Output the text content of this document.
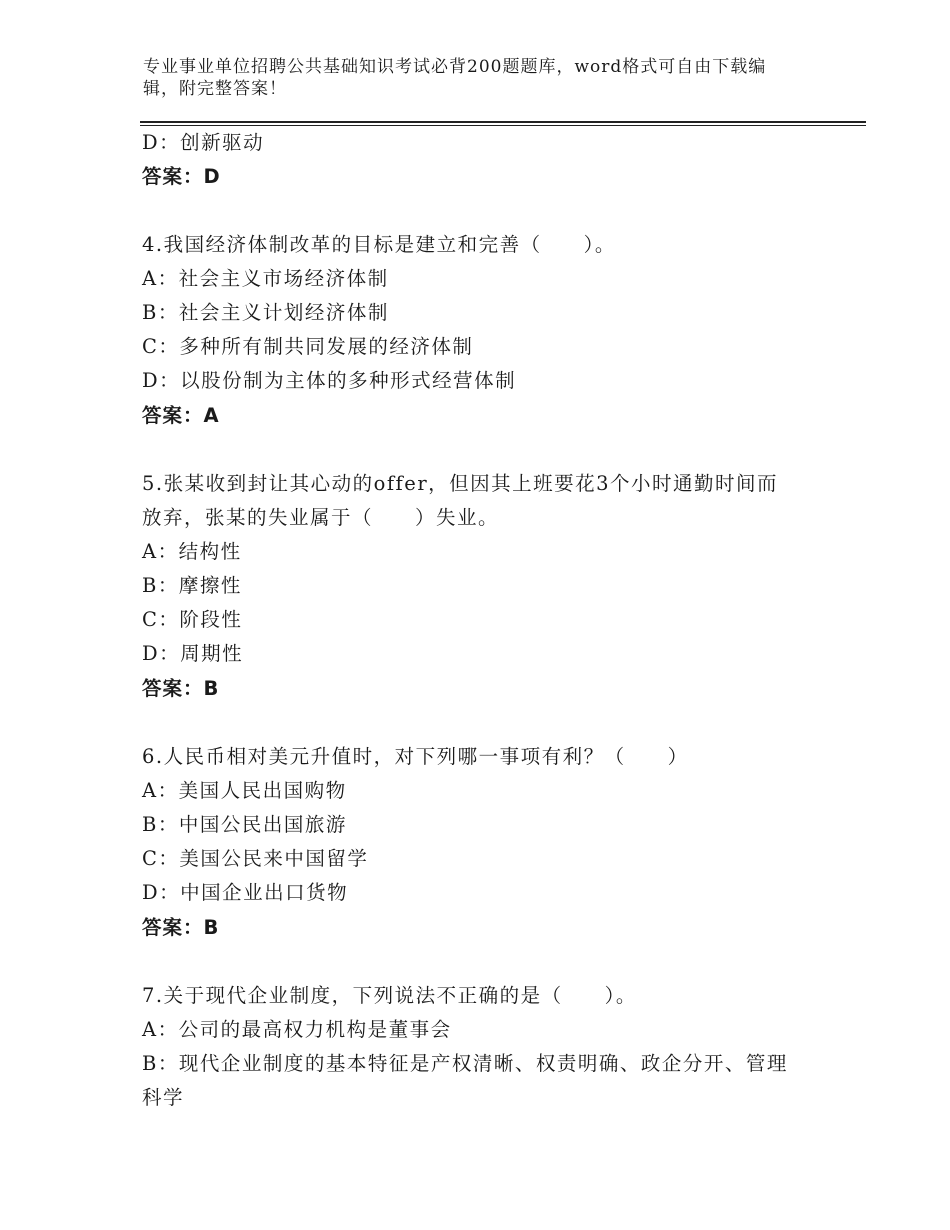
专业事业单位招聘公共基础知识考试必背200题题库，word格式可自由下载编
辑，附完整答案！
D：创新驱动
答案：D
4.我国经济体制改革的目标是建立和完善（　　）。
A：社会主义市场经济体制
B：社会主义计划经济体制
C：多种所有制共同发展的经济体制
D：以股份制为主体的多种形式经营体制
答案：A
5.张某收到封让其心动的offer，但因其上班要花3个小时通勤时间而
放弃，张某的失业属于（　　）失业。
A：结构性
B：摩擦性
C：阶段性
D：周期性
答案：B
6.人民币相对美元升值时，对下列哪一事项有利？（　　）
A：美国人民出国购物
B：中国公民出国旅游
C：美国公民来中国留学
D：中国企业出口货物
答案：B
7.关于现代企业制度，下列说法不正确的是（　　）。
A：公司的最高权力机构是董事会
B：现代企业制度的基本特征是产权清晰、权责明确、政企分开、管理
科学
